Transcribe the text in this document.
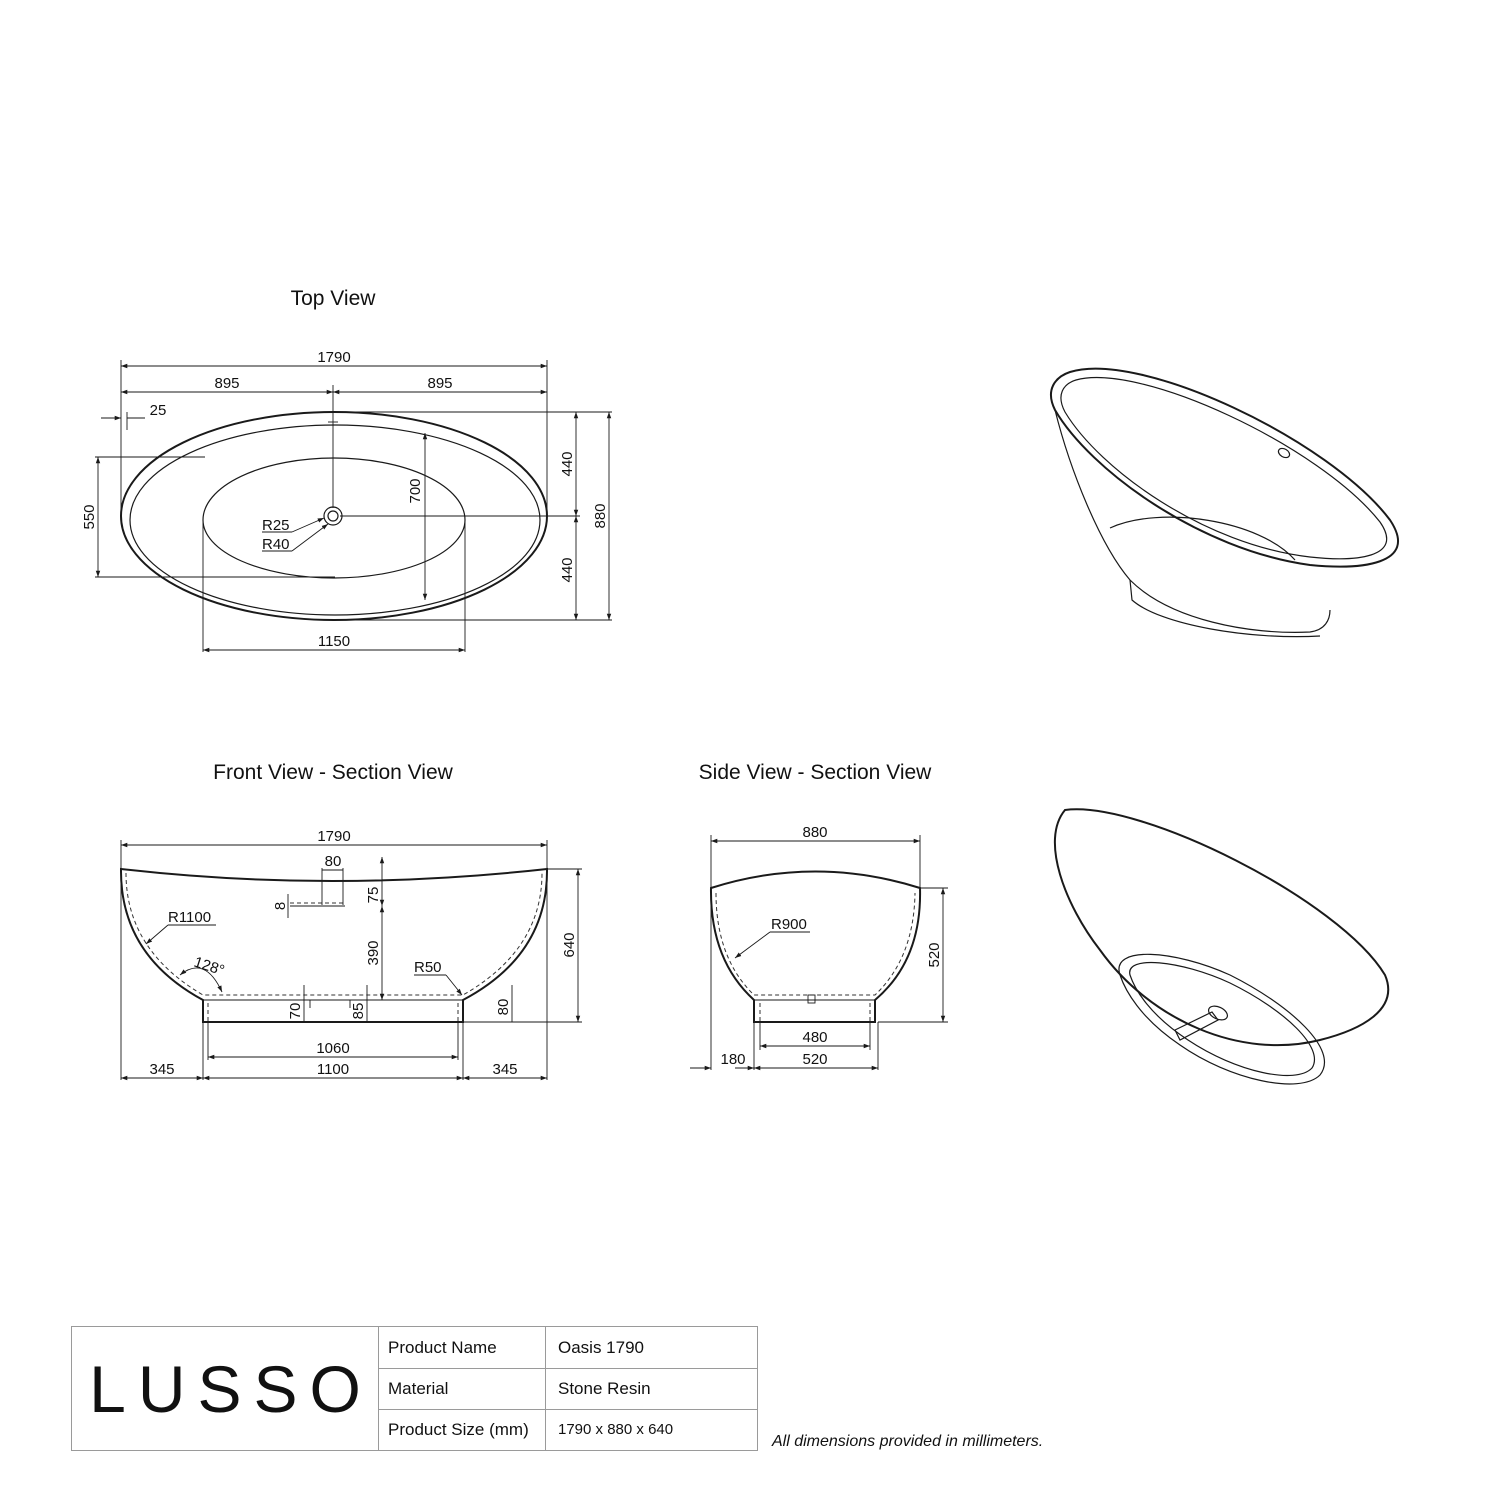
Top View
1790
895	895
25
550
700
440
440
880
1150
R25
R40
Front View - Section View
1790
80
75
8
390
R1100
128°	R50
640
70	85	80
1060
345	1100	345
Side View - Section View
880
R900
520
480
180	520
LUSSO
Product Name	Oasis 1790
Material	Stone Resin
Product Size (mm)	1790 x 880 x 640
All dimensions provided in millimeters.
